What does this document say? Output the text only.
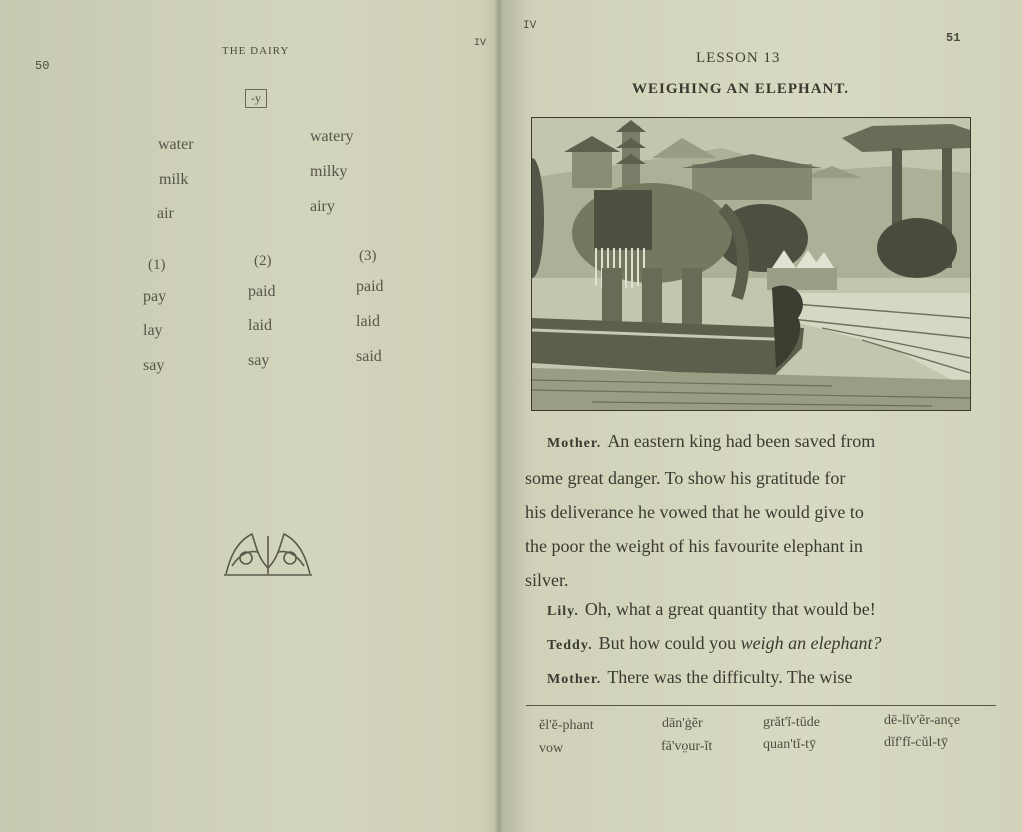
50
THE DAIRY
IV
-y
water	watery
milk	milky
air	airy
(1)	(2)	(3)
pay	paid	paid
lay	laid	laid
say	say	said
IV
51
LESSON 13
WEIGHING AN ELEPHANT.
Mother. An eastern king had been saved from
some great danger. To show his gratitude for
his deliverance he vowed that he would give to
the poor the weight of his favourite elephant in
silver.
Lily. Oh, what a great quantity that would be!
Teddy. But how could you weigh an elephant?
Mother. There was the difficulty. The wise
ĕl'ĕ-phant	dān'ġẽr	grăt'ĭ-tūde	dē-lĭv'ẽr-ançe
vow	fā'vo̤ur-ĭt	quan'tĭ-tȳ	dĭf'fĭ-cŭl-tȳ
